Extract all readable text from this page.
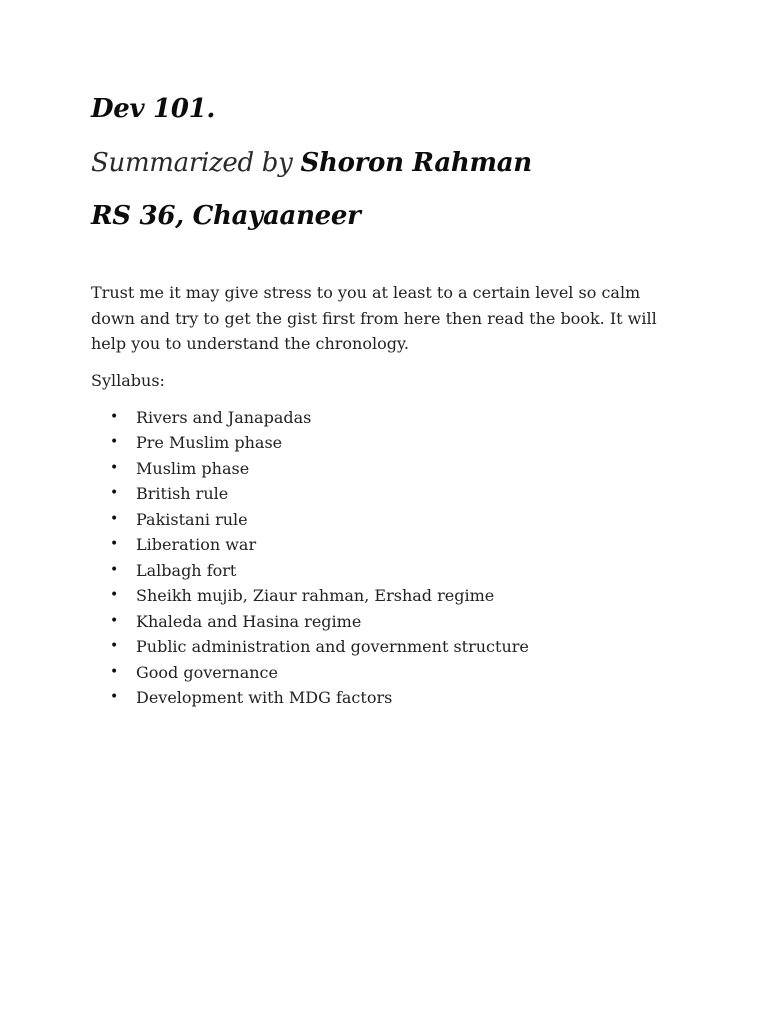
Dev 101.
Summarized by Shoron Rahman
RS 36, Chayaaneer

Trust me it may give stress to you at least to a certain level so calm down and try to get the gist first from here then read the book. It will help you to understand the chronology.

Syllabus:

• Rivers and Janapadas
• Pre Muslim phase
• Muslim phase
• British rule
• Pakistani rule
• Liberation war
• Lalbagh fort
• Sheikh mujib, Ziaur rahman, Ershad regime
• Khaleda and Hasina regime
• Public administration and government structure
• Good governance
• Development with MDG factors
